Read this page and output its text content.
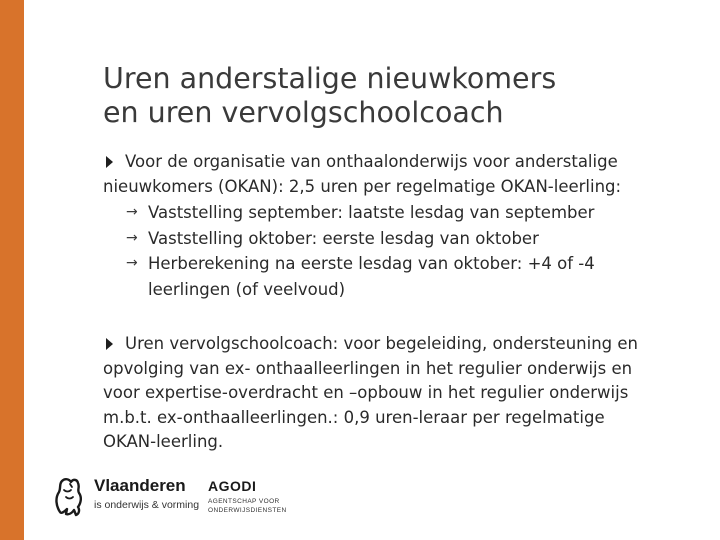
Uren anderstalige nieuwkomers
en uren vervolgschoolcoach
Voor de organisatie van onthaalonderwijs voor anderstalige
nieuwkomers (OKAN): 2,5 uren per regelmatige OKAN-leerling:
→ Vaststelling september: laatste lesdag van september
→ Vaststelling oktober: eerste lesdag van oktober
→ Herberekening na eerste lesdag van oktober: +4 of -4
leerlingen (of veelvoud)
Uren vervolgschoolcoach: voor begeleiding, ondersteuning en
opvolging van ex- onthaalleerlingen in het regulier onderwijs en
voor expertise-overdracht en –opbouw in het regulier onderwijs
m.b.t. ex-onthaalleerlingen.: 0,9 uren-leraar per regelmatige
OKAN-leerling.
Vlaanderen
is onderwijs & vorming
AGODI
AGENTSCHAP VOOR
ONDERWIJSDIENSTEN
